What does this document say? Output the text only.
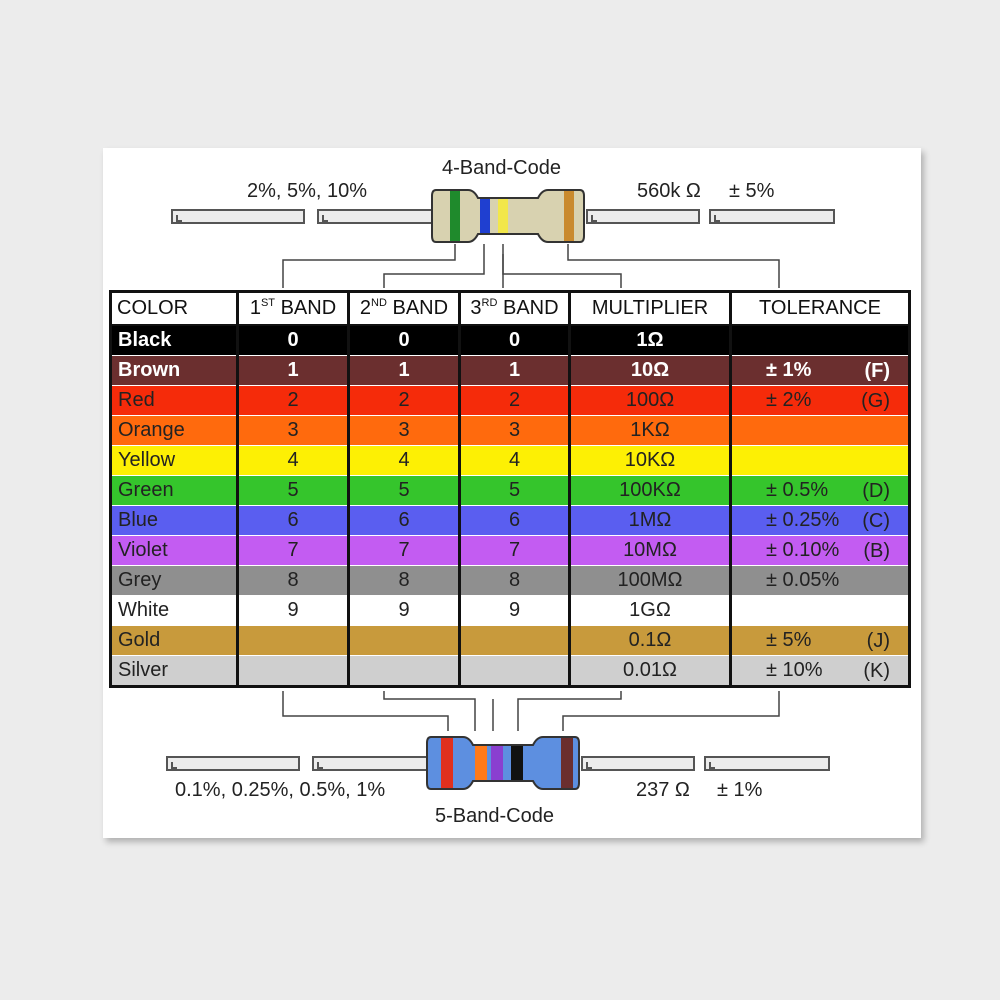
4-Band-Code
2%, 5%, 10%	560k Ω ± 5%
COLOR	1ST BAND	2ND BAND	3RD BAND	MULTIPLIER	TOLERANCE
Black	0	0	0	1Ω	

Brown	1	1	1	10Ω	± 1% (F)

Red	2	2	2	100Ω	± 2% (G)

Orange	3	3	3	1KΩ	

Yellow	4	4	4	10KΩ	

Green	5	5	5	100KΩ	± 0.5% (D)

Blue	6	6	6	1MΩ	± 0.25% (C)

Violet	7	7	7	10MΩ	± 0.10% (B)

Grey	8	8	8	100MΩ	± 0.05%

White	9	9	9	1GΩ	

Gold				0.1Ω	± 5% (J)

Silver				0.01Ω	± 10% (K)
0.1%, 0.25%, 0.5%, 1%	237 Ω ± 1%
5-Band-Code
